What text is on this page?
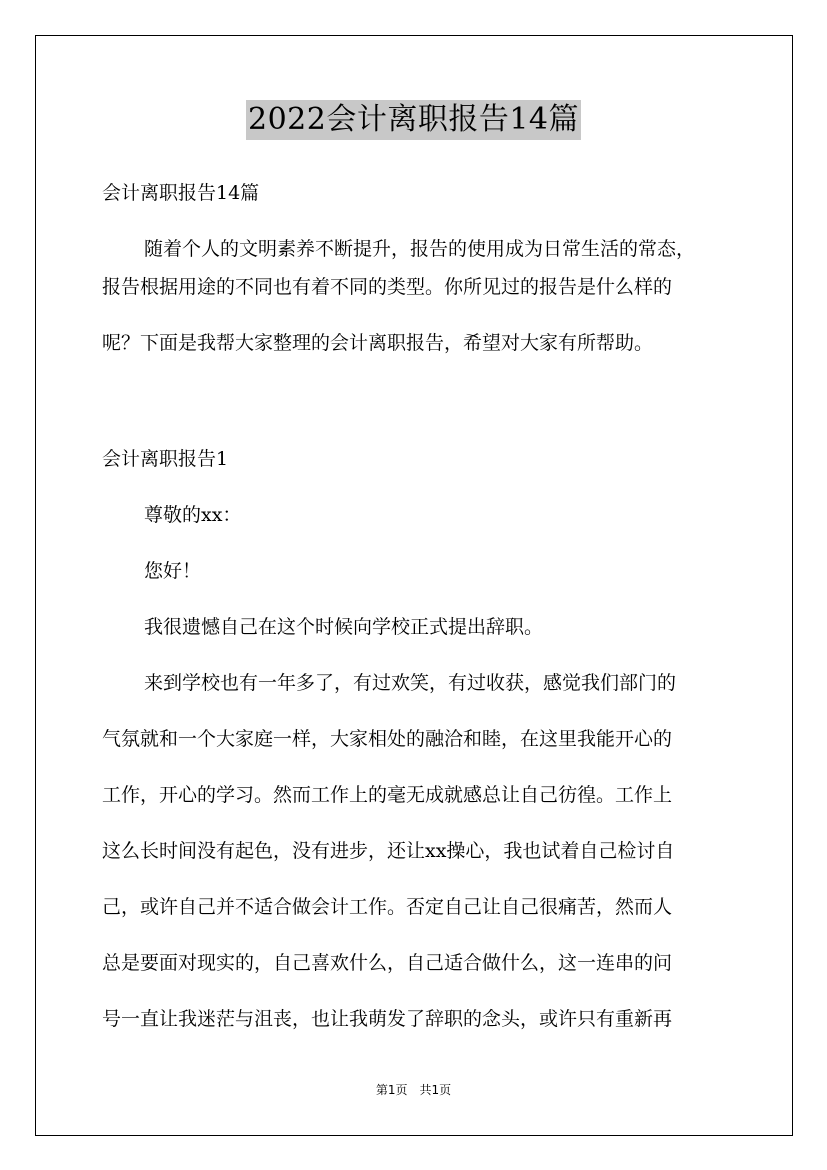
2022会计离职报告14篇
会计离职报告14篇
随着个人的文明素养不断提升，报告的使用成为日常生活的常态，
报告根据用途的不同也有着不同的类型。你所见过的报告是什么样的
呢？下面是我帮大家整理的会计离职报告，希望对大家有所帮助。
会计离职报告1
尊敬的xx：
您好！
我很遗憾自己在这个时候向学校正式提出辞职。
来到学校也有一年多了，有过欢笑，有过收获，感觉我们部门的
气氛就和一个大家庭一样，大家相处的融洽和睦，在这里我能开心的
工作，开心的学习。然而工作上的毫无成就感总让自己彷徨。工作上
这么长时间没有起色，没有进步，还让xx操心，我也试着自己检讨自
己，或许自己并不适合做会计工作。否定自己让自己很痛苦，然而人
总是要面对现实的，自己喜欢什么，自己适合做什么，这一连串的问
号一直让我迷茫与沮丧，也让我萌发了辞职的念头，或许只有重新再
第1页　共1页
